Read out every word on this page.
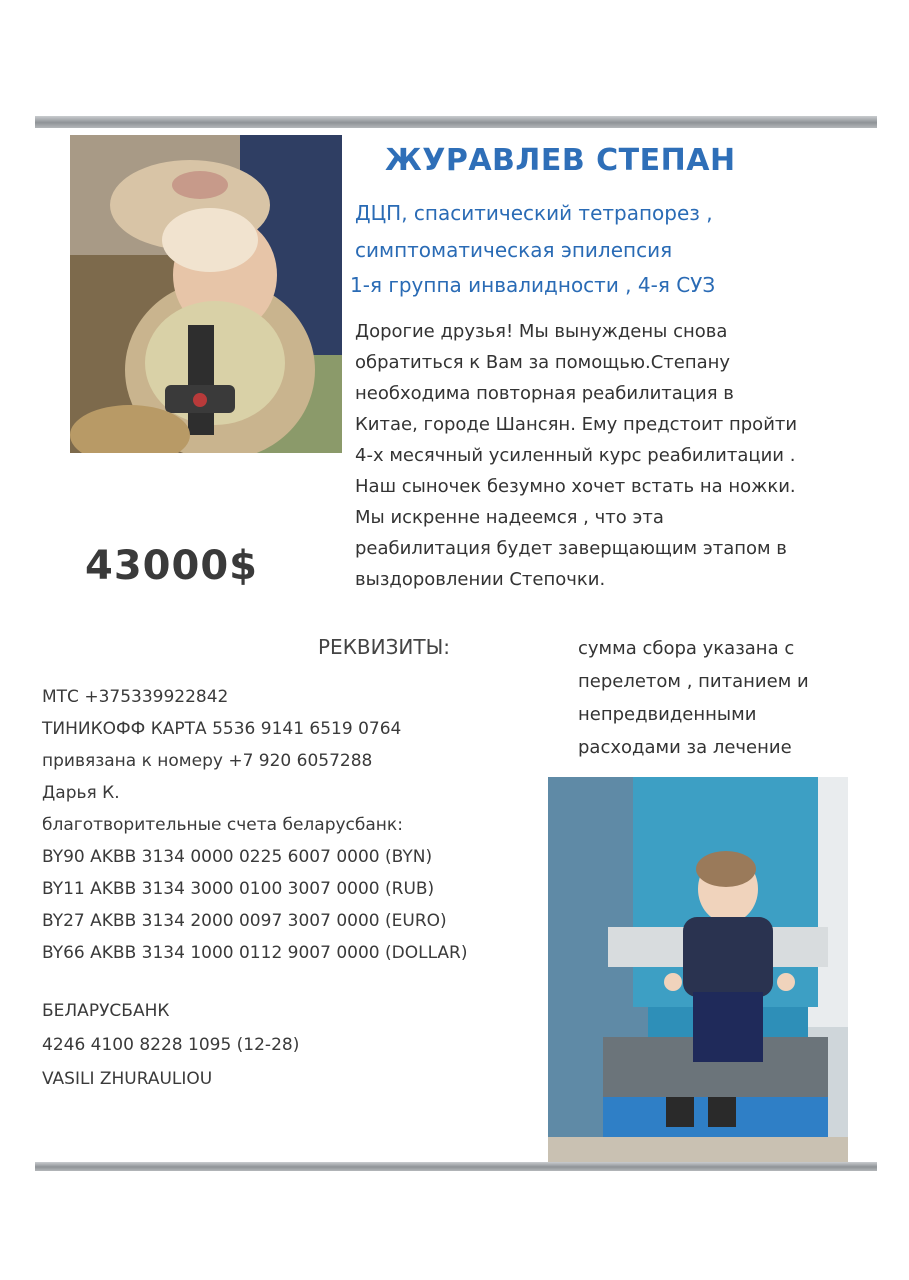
ЖУРАВЛЕВ СТЕПАН
ДЦП, спаситический тетрапорез ,
симптоматическая эпилепсия
1-я группа инвалидности , 4-я СУЗ
Дорогие друзья! Мы вынуждены снова
обратиться к Вам за помощью.Степану
необходима повторная реабилитация в
Китае, городе Шансян. Ему предстоит пройти
4-х месячный усиленный курс реабилитации .
Наш сыночек безумно хочет встать на ножки.
Мы искренне надеемся , что эта
реабилитация будет заверщающим этапом в
выздоровлении Степочки.
43000$
РЕКВИЗИТЫ:	сумма сбора указана с
перелетом , питанием и
непредвиденными
расходами за лечение
МТС +375339922842
ТИНИКОФФ КАРТА 5536 9141 6519 0764
привязана к номеру +7 920 6057288
Дарья К.
благотворительные счета беларусбанк:
BY90 AKBB 3134 0000 0225 6007 0000 (BYN)
BY11 AKBB 3134 3000 0100 3007 0000 (RUB)
BY27 AKBB 3134 2000 0097 3007 0000 (EURO)
BY66 AKBB 3134 1000 0112 9007 0000 (DOLLAR)
БЕЛАРУСБАНК
4246 4100 8228 1095 (12-28)
VASILI ZHURAULIOU
